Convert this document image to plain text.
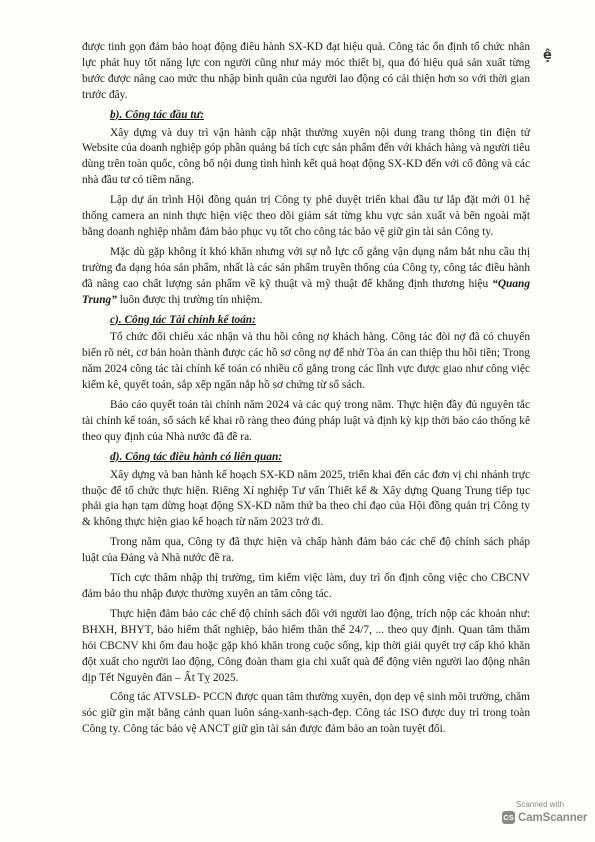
được tinh gọn đảm bảo hoạt động điều hành SX-KD đạt hiệu quả. Công tác ổn định tổ chức nhân lực phát huy tốt năng lực con người cũng như máy móc thiết bị, qua đó hiệu quả sản xuất từng bước được nâng cao mức thu nhập bình quân của người lao động có cải thiện hơn so với thời gian trước đây.

b). Công tác đầu tư:

Xây dựng và duy trì vận hành cập nhật thường xuyên nội dung trang thông tin điện tử Website của doanh nghiệp góp phần quảng bá tích cực sản phẩm đến với khách hàng và người tiêu dùng trên toàn quốc, công bố nội dung tình hình kết quả hoạt động SX-KD đến với cổ đông và các nhà đầu tư có tiềm năng.

Lập dự án trình Hội đồng quản trị Công ty phê duyệt triển khai đầu tư lắp đặt mới 01 hệ thống camera an ninh thực hiện việc theo dõi giám sát từng khu vực sản xuất và bên ngoài mặt bằng doanh nghiệp nhằm đảm bảo phục vụ tốt cho công tác bảo vệ giữ gìn tài sản Công ty.

Mặc dù gặp không ít khó khăn nhưng với sự nỗ lực cố gắng vận dụng nắm bắt nhu cầu thị trường đa dạng hóa sản phẩm, nhất là các sản phẩm truyền thống của Công ty, công tác điều hành đã nâng cao chất lượng sản phẩm về kỹ thuật và mỹ thuật để khẳng định thương hiệu “Quang Trung” luôn được thị trường tín nhiệm.

c). Công tác Tài chính kế toán:

Tổ chức đối chiếu xác nhận và thu hồi công nợ khách hàng. Công tác đòi nợ đã có chuyển biến rõ nét, cơ bản hoàn thành được các hồ sơ công nợ để nhờ Tòa án can thiệp thu hồi tiền; Trong năm 2024 công tác tài chính kế toán có nhiều cố gắng trong các lĩnh vực được giao như công việc kiểm kê, quyết toán, sắp xếp ngăn nắp hồ sơ chứng từ sổ sách.

Báo cáo quyết toán tài chính năm 2024 và các quý trong năm. Thực hiện đầy đủ nguyên tắc tài chính kế toán, sổ sách kế khai rõ ràng theo đúng pháp luật và định kỳ kịp thời báo cáo thống kê theo quy định của Nhà nước đã đề ra.

d). Công tác điều hành có liên quan:

Xây dựng và ban hành kế hoạch SX-KD năm 2025, triển khai đến các đơn vị chi nhánh trực thuộc để tổ chức thực hiện. Riêng Xí nghiệp Tư vấn Thiết kế & Xây dựng Quang Trung tiếp tục phải gia hạn tạm dừng hoạt động SX-KD năm thứ ba theo chỉ đạo của Hội đồng quản trị Công ty & không thực hiện giao kế hoạch từ năm 2023 trở đi.

Trong năm qua, Công ty đã thực hiện và chấp hành đảm bảo các chế độ chính sách pháp luật của Đảng và Nhà nước đề ra.

Tích cực thâm nhập thị trường, tìm kiếm việc làm, duy trì ổn định công việc cho CBCNV đảm bảo thu nhập được thường xuyên an tâm công tác.

Thực hiện đảm bảo các chế độ chính sách đối với người lao động, trích nộp các khoản như: BHXH, BHYT, bảo hiểm thất nghiệp, bảo hiểm thân thể 24/7, ... theo quy định. Quan tâm thăm hỏi CBCNV khi ốm đau hoặc gặp khó khăn trong cuộc sống, kịp thời giải quyết trợ cấp khó khăn đột xuất cho người lao động, Công đoàn tham gia chi xuất quà để động viên người lao động nhân dịp Tết Nguyên đán – Ất Tỵ 2025.

Công tác ATVSLĐ- PCCN được quan tâm thường xuyên, dọn dẹp vệ sinh môi trường, chăm sóc giữ gìn mặt bằng cảnh quan luôn sáng-xanh-sạch-đẹp. Công tác ISO được duy trì trong toàn Công ty. Công tác bảo vệ ANCT giữ gìn tài sản được đảm bảo an toàn tuyệt đối.

ệ
Scanned with
CS CamScanner
